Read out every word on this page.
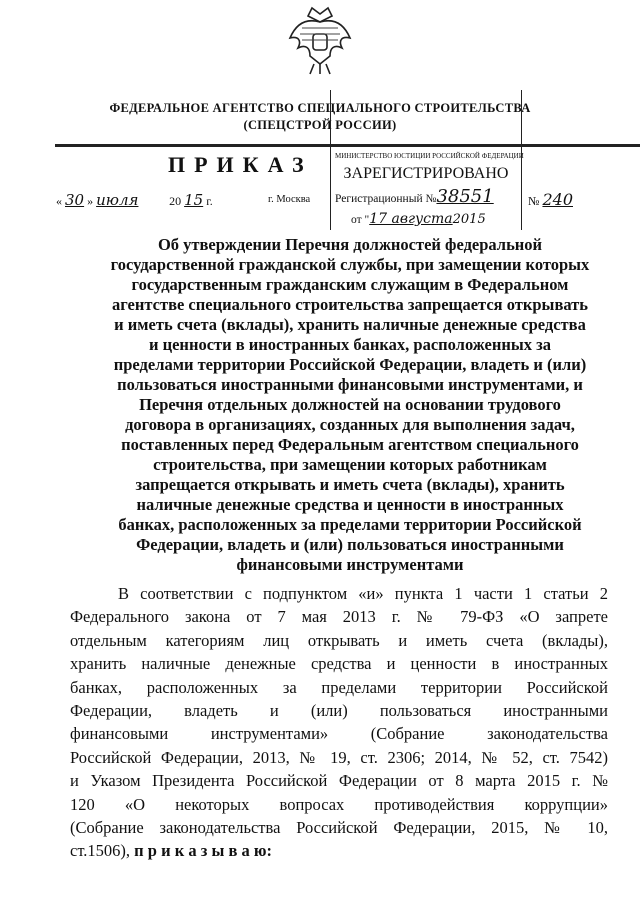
ФЕДЕРАЛЬНОЕ АГЕНТСТВО СПЕЦИАЛЬНОГО СТРОИТЕЛЬСТВА
(СПЕЦСТРОЙ РОССИИ)
МИНИСТЕРСТВО ЮСТИЦИИ РОССИЙСКОЙ ФЕДЕРАЦИИ
ЗАРЕГИСТРИРОВАНО
Регистрационный №38551
от "17 августа2015
ПРИКАЗ
« 30 » июля	20 15 г.	г. Москва	№ 240
Об утверждении Перечня должностей федеральной
государственной гражданской службы, при замещении которых
государственным гражданским служащим в Федеральном
агентстве специального строительства запрещается открывать
и иметь счета (вклады), хранить наличные денежные средства
и ценности в иностранных банках, расположенных за
пределами территории Российской Федерации, владеть и (или)
пользоваться иностранными финансовыми инструментами, и
Перечня отдельных должностей на основании трудового
договора в организациях, созданных для выполнения задач,
поставленных перед Федеральным агентством специального
строительства, при замещении которых работникам
запрещается открывать и иметь счета (вклады), хранить
наличные денежные средства и ценности в иностранных
банках, расположенных за пределами территории Российской
Федерации, владеть и (или) пользоваться иностранными
финансовыми инструментами
В соответствии с подпунктом «и» пункта 1 части 1 статьи 2
Федерального закона от 7 мая 2013 г. № 79-ФЗ «О запрете
отдельным категориям лиц открывать и иметь счета (вклады),
хранить наличные денежные средства и ценности в иностранных
банках, расположенных за пределами территории Российской
Федерации, владеть и (или) пользоваться иностранными
финансовыми инструментами» (Собрание законодательства
Российской Федерации, 2013, № 19, ст. 2306; 2014, № 52, ст. 7542)
и Указом Президента Российской Федерации от 8 марта 2015 г. №
120 «О некоторых вопросах противодействия коррупции»
(Собрание законодательства Российской Федерации, 2015, № 10,
ст.1506), п р и к а з ы в а ю:
